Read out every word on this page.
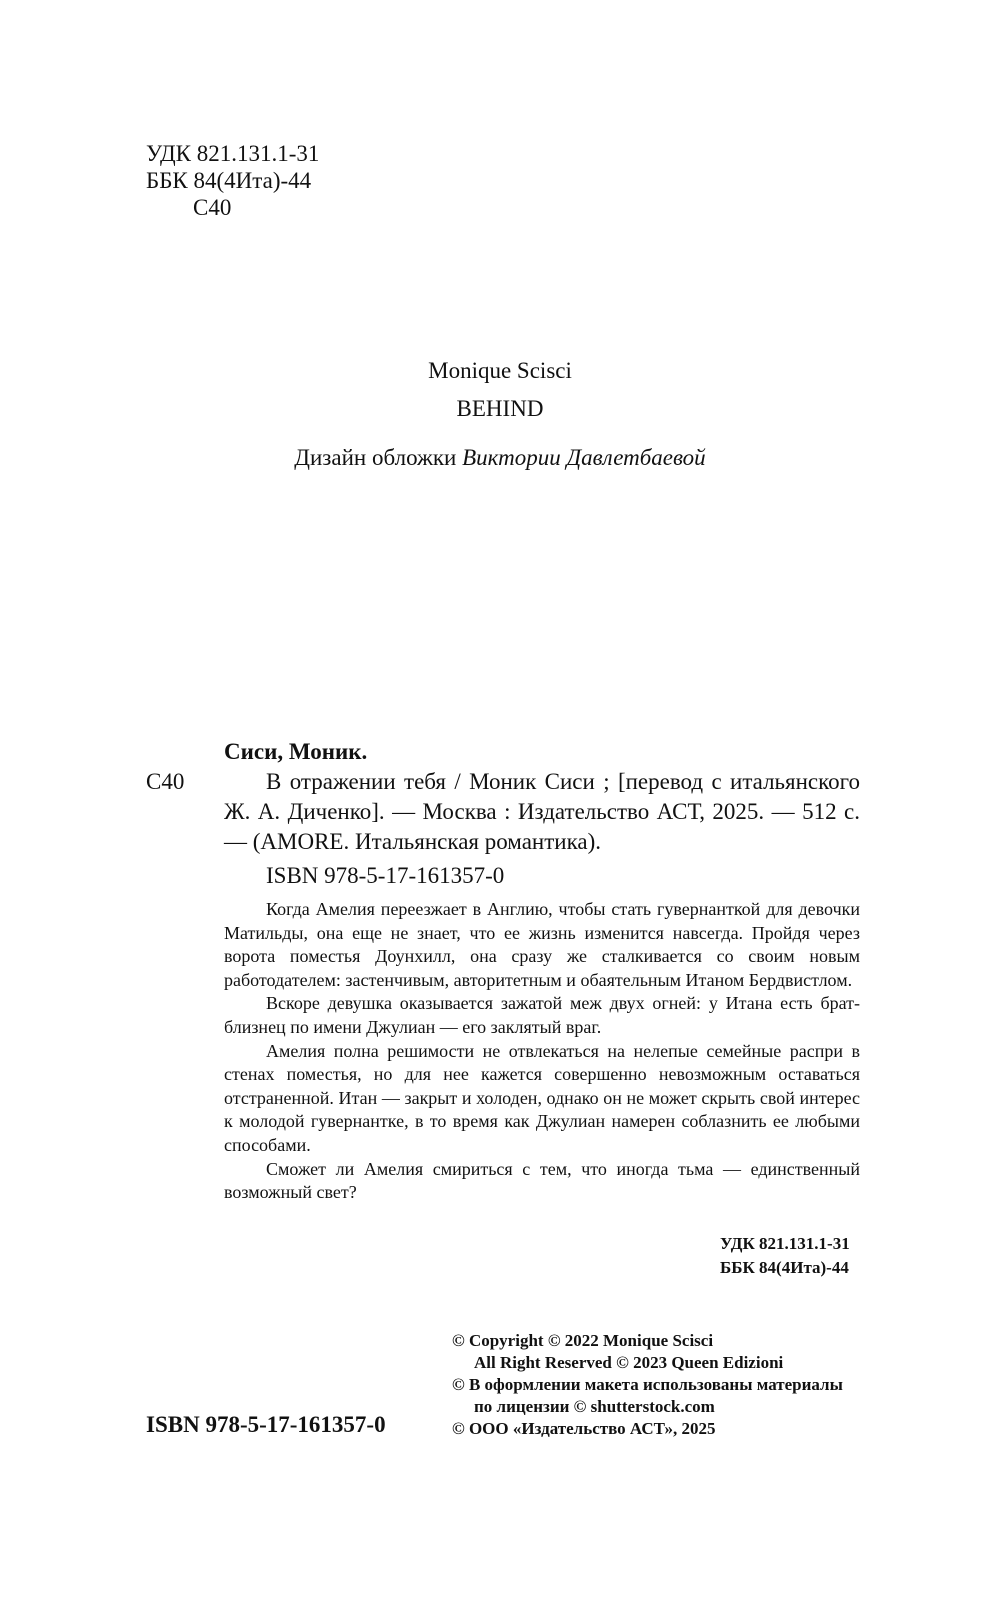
УДК 821.131.1-31
ББК 84(4Ита)-44
С40
Monique Scisci
BEHIND
Дизайн обложки Виктории Давлетбаевой
С40
Сиси, Моник.

В отражении тебя / Моник Сиси ; [перевод с итальянского Ж. А. Диченко]. — Москва : Издательство АСТ, 2025. — 512 с. — (AMORE. Итальянская романтика).

ISBN 978-5-17-161357-0

Когда Амелия переезжает в Англию, чтобы стать гувернанткой для девочки Матильды, она еще не знает, что ее жизнь изменится навсегда. Пройдя через ворота поместья Доунхилл, она сразу же сталкивается со своим новым работодателем: застенчивым, авторитетным и обаятельным Итаном Бердвистлом.

Вскоре девушка оказывается зажатой меж двух огней: у Итана есть брат-близнец по имени Джулиан — его заклятый враг.

Амелия полна решимости не отвлекаться на нелепые семейные распри в стенах поместья, но для нее кажется совершенно невозможным оставаться отстраненной. Итан — закрыт и холоден, однако он не может скрыть свой интерес к молодой гувернантке, в то время как Джулиан намерен соблазнить ее любыми способами.

Сможет ли Амелия смириться с тем, что иногда тьма — единственный возможный свет?

УДК 821.131.1-31
ББК 84(4Ита)-44
© Copyright © 2022 Monique Scisci
All Right Reserved © 2023 Queen Edizioni
© В оформлении макета использованы материалы
по лицензии © shutterstock.com
© ООО «Издательство АСТ», 2025
ISBN 978-5-17-161357-0
